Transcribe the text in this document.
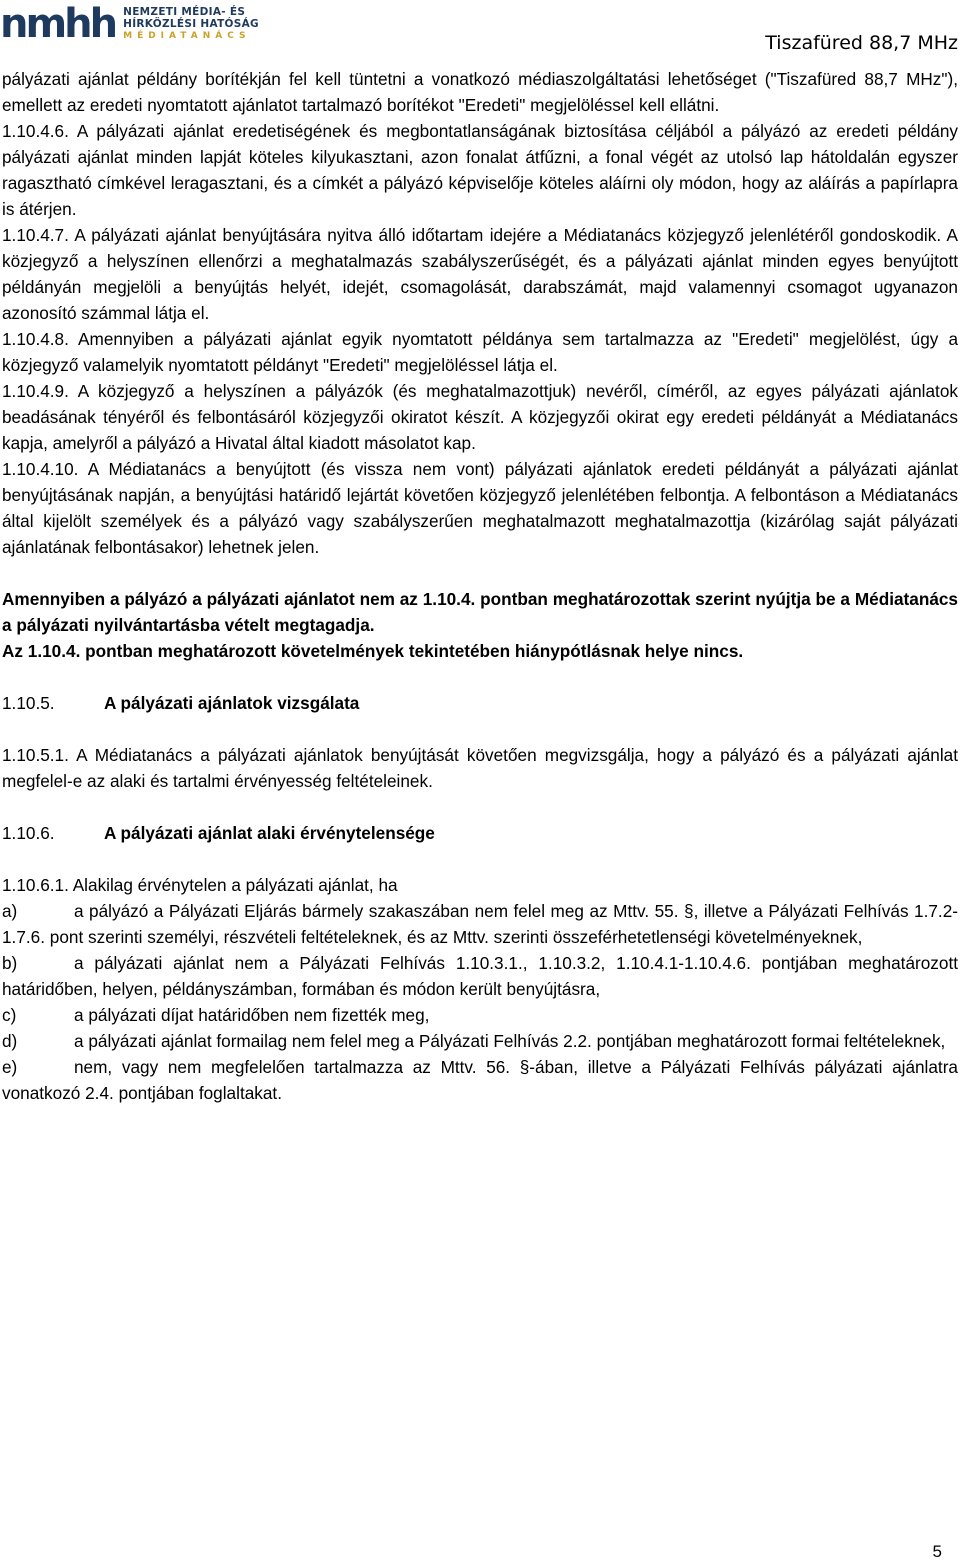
nmhh NEMZETI MÉDIA- ÉS
HÍRKÖZLÉSI HATÓSÁG
MÉDIATANÁCS	Tiszafüred 88,7 MHz

pályázati ajánlat példány borítékján fel kell tüntetni a vonatkozó médiaszolgáltatási lehetőséget ("Tiszafüred 88,7 MHz"), emellett az eredeti nyomtatott ajánlatot tartalmazó borítékot "Eredeti" megjelöléssel kell ellátni.

1.10.4.6. A pályázati ajánlat eredetiségének és megbontatlanságának biztosítása céljából a pályázó az eredeti példány pályázati ajánlat minden lapját köteles kilyukasztani, azon fonalat átfűzni, a fonal végét az utolsó lap hátoldalán egyszer ragasztható címkével leragasztani, és a címkét a pályázó képviselője köteles aláírni oly módon, hogy az aláírás a papírlapra is átérjen.

1.10.4.7. A pályázati ajánlat benyújtására nyitva álló időtartam idejére a Médiatanács közjegyző jelenlétéről gondoskodik. A közjegyző a helyszínen ellenőrzi a meghatalmazás szabályszerűségét, és a pályázati ajánlat minden egyes benyújtott példányán megjelöli a benyújtás helyét, idejét, csomagolását, darabszámát, majd valamennyi csomagot ugyanazon azonosító számmal látja el.

1.10.4.8. Amennyiben a pályázati ajánlat egyik nyomtatott példánya sem tartalmazza az "Eredeti" megjelölést, úgy a közjegyző valamelyik nyomtatott példányt "Eredeti" megjelöléssel látja el.

1.10.4.9. A közjegyző a helyszínen a pályázók (és meghatalmazottjuk) nevéről, címéről, az egyes pályázati ajánlatok beadásának tényéről és felbontásáról közjegyzői okiratot készít. A közjegyzői okirat egy eredeti példányát a Médiatanács kapja, amelyről a pályázó a Hivatal által kiadott másolatot kap.

1.10.4.10. A Médiatanács a benyújtott (és vissza nem vont) pályázati ajánlatok eredeti példányát a pályázati ajánlat benyújtásának napján, a benyújtási határidő lejártát követően közjegyző jelenlétében felbontja. A felbontáson a Médiatanács által kijelölt személyek és a pályázó vagy szabályszerűen meghatalmazott meghatalmazottja (kizárólag saját pályázati ajánlatának felbontásakor) lehetnek jelen.

Amennyiben a pályázó a pályázati ajánlatot nem az 1.10.4. pontban meghatározottak szerint nyújtja be a Médiatanács a pályázati nyilvántartásba vételt megtagadja.

Az 1.10.4. pontban meghatározott követelmények tekintetében hiánypótlásnak helye nincs.

1.10.5.	A pályázati ajánlatok vizsgálata

1.10.5.1. A Médiatanács a pályázati ajánlatok benyújtását követően megvizsgálja, hogy a pályázó és a pályázati ajánlat megfelel-e az alaki és tartalmi érvényesség feltételeinek.

1.10.6.	A pályázati ajánlat alaki érvénytelensége

1.10.6.1. Alakilag érvénytelen a pályázati ajánlat, ha

a)	a pályázó a Pályázati Eljárás bármely szakaszában nem felel meg az Mttv. 55. §, illetve a Pályázati Felhívás 1.7.2-1.7.6. pont szerinti személyi, részvételi feltételeknek, és az Mttv. szerinti összeférhetetlenségi követelményeknek,

b)	a pályázati ajánlat nem a Pályázati Felhívás 1.10.3.1., 1.10.3.2, 1.10.4.1-1.10.4.6. pontjában meghatározott határidőben, helyen, példányszámban, formában és módon került benyújtásra,

c)	a pályázati díjat határidőben nem fizették meg,

d)	a pályázati ajánlat formailag nem felel meg a Pályázati Felhívás 2.2. pontjában meghatározott formai feltételeknek,

e)	nem, vagy nem megfelelően tartalmazza az Mttv. 56. §-ában, illetve a Pályázati Felhívás pályázati ajánlatra vonatkozó 2.4. pontjában foglaltakat.

5
